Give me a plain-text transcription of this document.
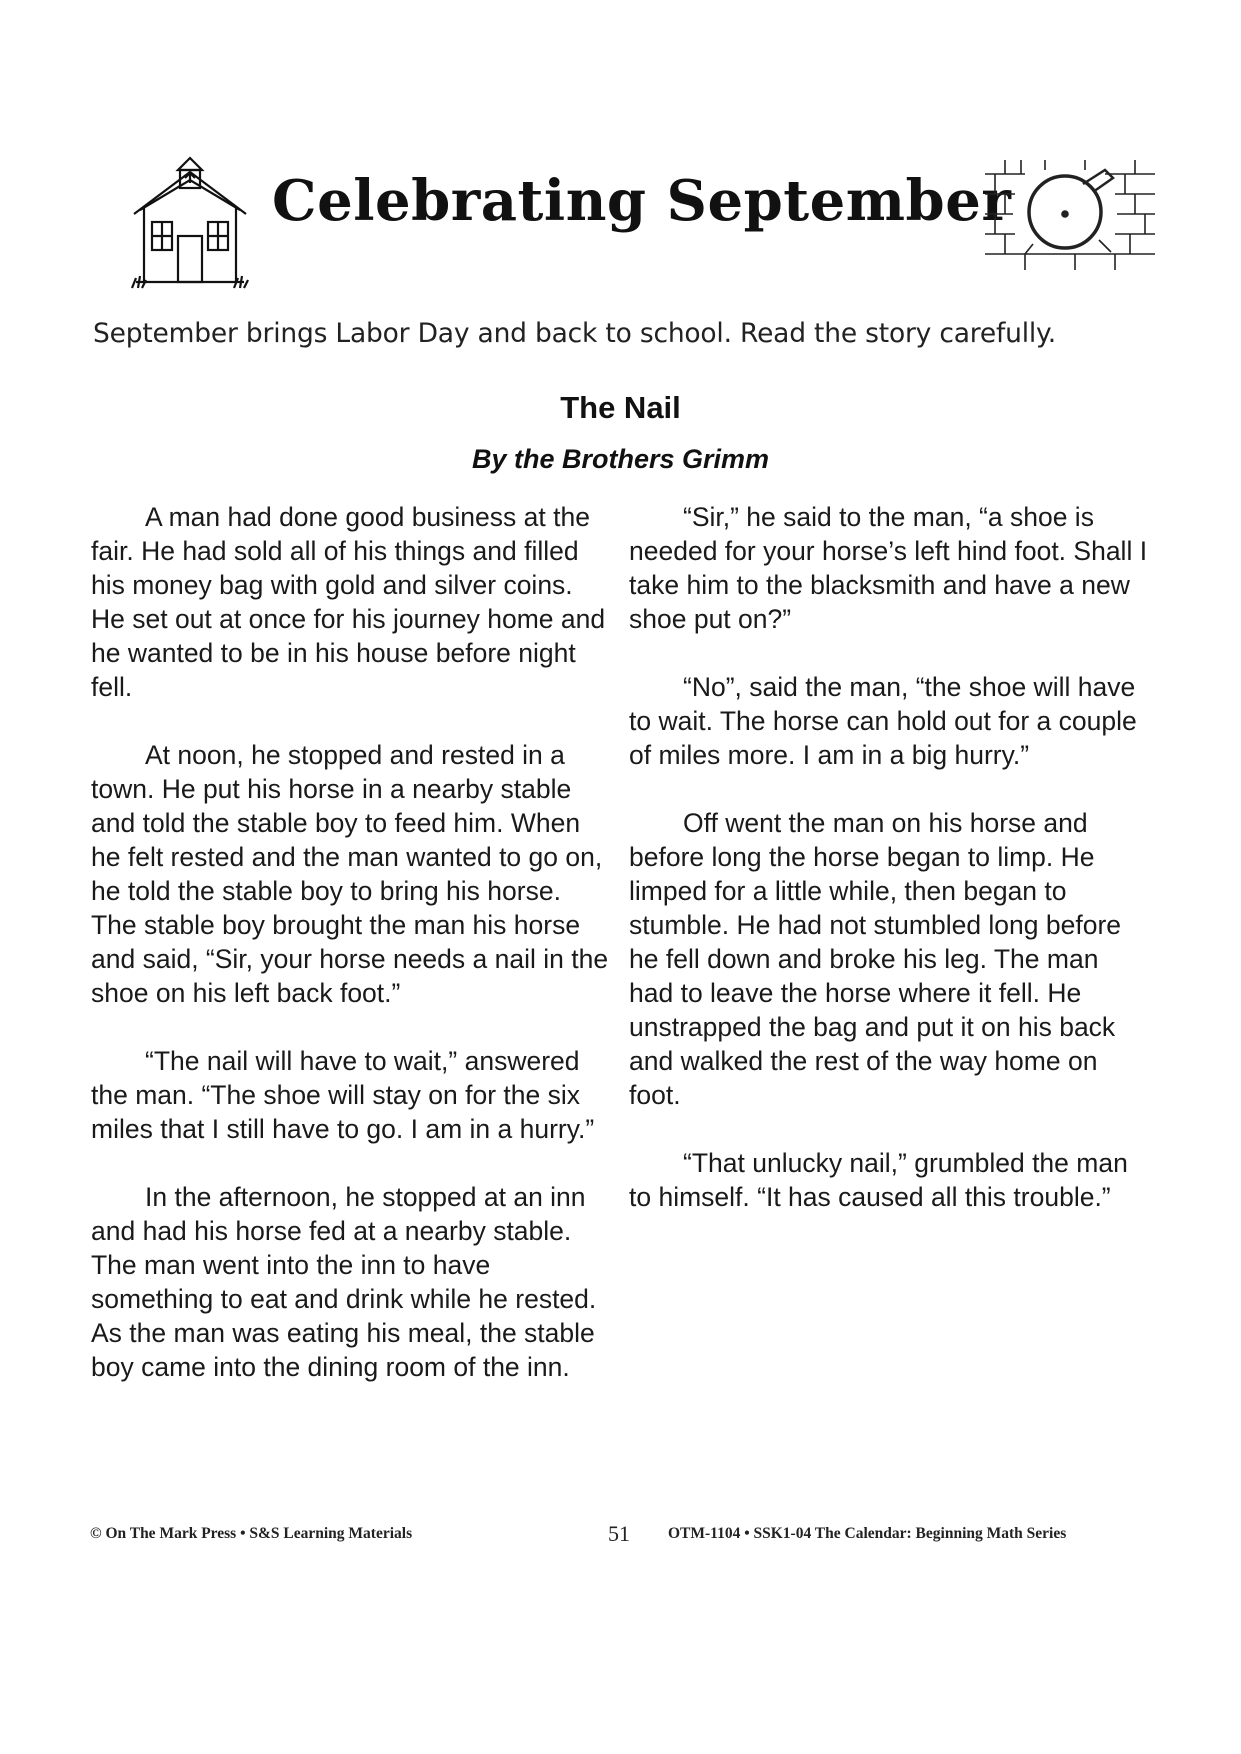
Celebrating September
September brings Labor Day and back to school. Read the story carefully.
The Nail
By the Brothers Grimm

A man had done good business at the fair. He had sold all of his things and filled his money bag with gold and silver coins. He set out at once for his journey home and he wanted to be in his house before night fell.

At noon, he stopped and rested in a town. He put his horse in a nearby stable and told the stable boy to feed him. When he felt rested and the man wanted to go on, he told the stable boy to bring his horse. The stable boy brought the man his horse and said, “Sir, your horse needs a nail in the shoe on his left back foot.”

“The nail will have to wait,” answered the man. “The shoe will stay on for the six miles that I still have to go. I am in a hurry.”

In the afternoon, he stopped at an inn and had his horse fed at a nearby stable. The man went into the inn to have something to eat and drink while he rested. As the man was eating his meal, the stable boy came into the dining room of the inn.

“Sir,” he said to the man, “a shoe is needed for your horse’s left hind foot. Shall I take him to the blacksmith and have a new shoe put on?”

“No”, said the man, “the shoe will have to wait. The horse can hold out for a couple of miles more. I am in a big hurry.”

Off went the man on his horse and before long the horse began to limp. He limped for a little while, then began to stumble. He had not stumbled long before he fell down and broke his leg. The man had to leave the horse where it fell. He unstrapped the bag and put it on his back and walked the rest of the way home on foot.

“That unlucky nail,” grumbled the man to himself. “It has caused all this trouble.”

© On The Mark Press • S&S Learning Materials	51 OTM-1104 • SSK1-04 The Calendar: Beginning Math Series
